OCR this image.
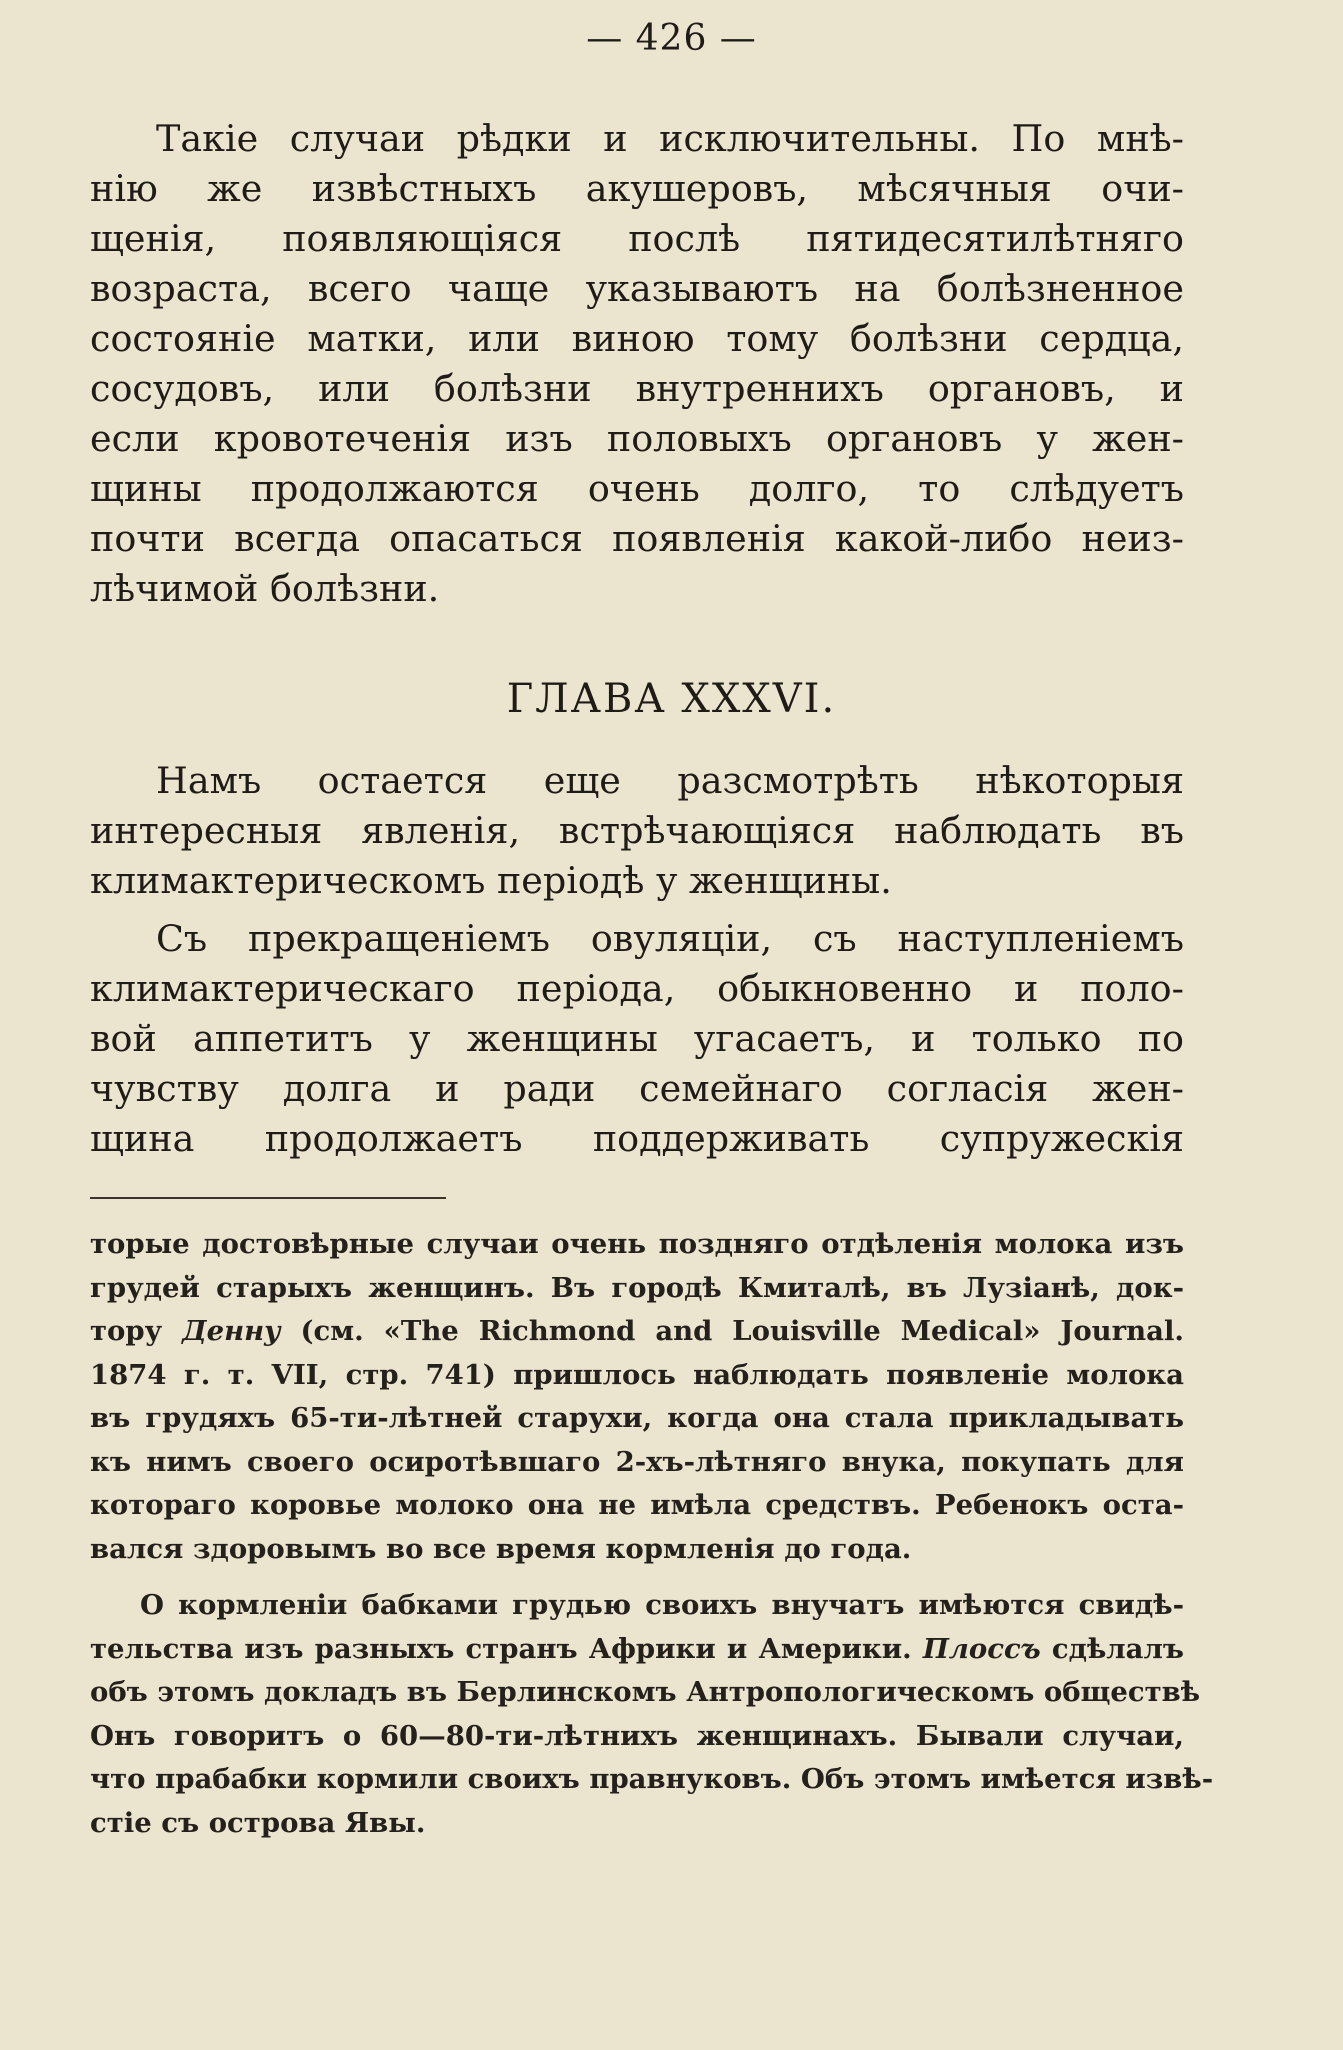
— 426 —
Такіе случаи рѣдки и исключительны. По мнѣ-
нію же извѣстныхъ акушеровъ, мѣсячныя очи-
щенія, появляющіяся послѣ пятидесятилѣтняго
возраста, всего чаще указываютъ на болѣзненное
состояніе матки, или виною тому болѣзни сердца,
сосудовъ, или болѣзни внутреннихъ органовъ, и
если кровотеченія изъ половыхъ органовъ у жен-
щины продолжаются очень долго, то слѣдуетъ
почти всегда опасаться появленія какой-либо неиз-
лѣчимой болѣзни.
ГЛАВА XXXVI.
Намъ остается еще разсмотрѣть нѣкоторыя
интересныя явленія, встрѣчающіяся наблюдать въ
климактерическомъ періодѣ у женщины.
Съ прекращеніемъ овуляціи, съ наступленіемъ
климактерическаго періода, обыкновенно и поло-
вой аппетитъ у женщины угасаетъ, и только по
чувству долга и ради семейнаго согласія жен-
щина продолжаетъ поддерживать супружескія
торые достовѣрные случаи очень поздняго отдѣленія молока изъ
грудей старыхъ женщинъ. Въ городѣ Кмиталѣ, въ Лузіанѣ, док-
тору Денну (см. «The Richmond and Louisville Medical» Journal.
1874 г. т. VII, стр. 741) пришлось наблюдать появленіе молока
въ грудяхъ 65-ти-лѣтней старухи, когда она стала прикладывать
къ нимъ своего осиротѣвшаго 2-хъ-лѣтняго внука, покупать для
котораго коровье молоко она не имѣла средствъ. Ребенокъ оста-
вался здоровымъ во все время кормленія до года.
О кормленіи бабками грудью своихъ внучатъ имѣются свидѣ-
тельства изъ разныхъ странъ Африки и Америки. Плоссъ сдѣлалъ
объ этомъ докладъ въ Берлинскомъ Антропологическомъ обществѣ
Онъ говоритъ о 60—80-ти-лѣтнихъ женщинахъ. Бывали случаи,
что прабабки кормили своихъ правнуковъ. Объ этомъ имѣется извѣ-
стіе съ острова Явы.
